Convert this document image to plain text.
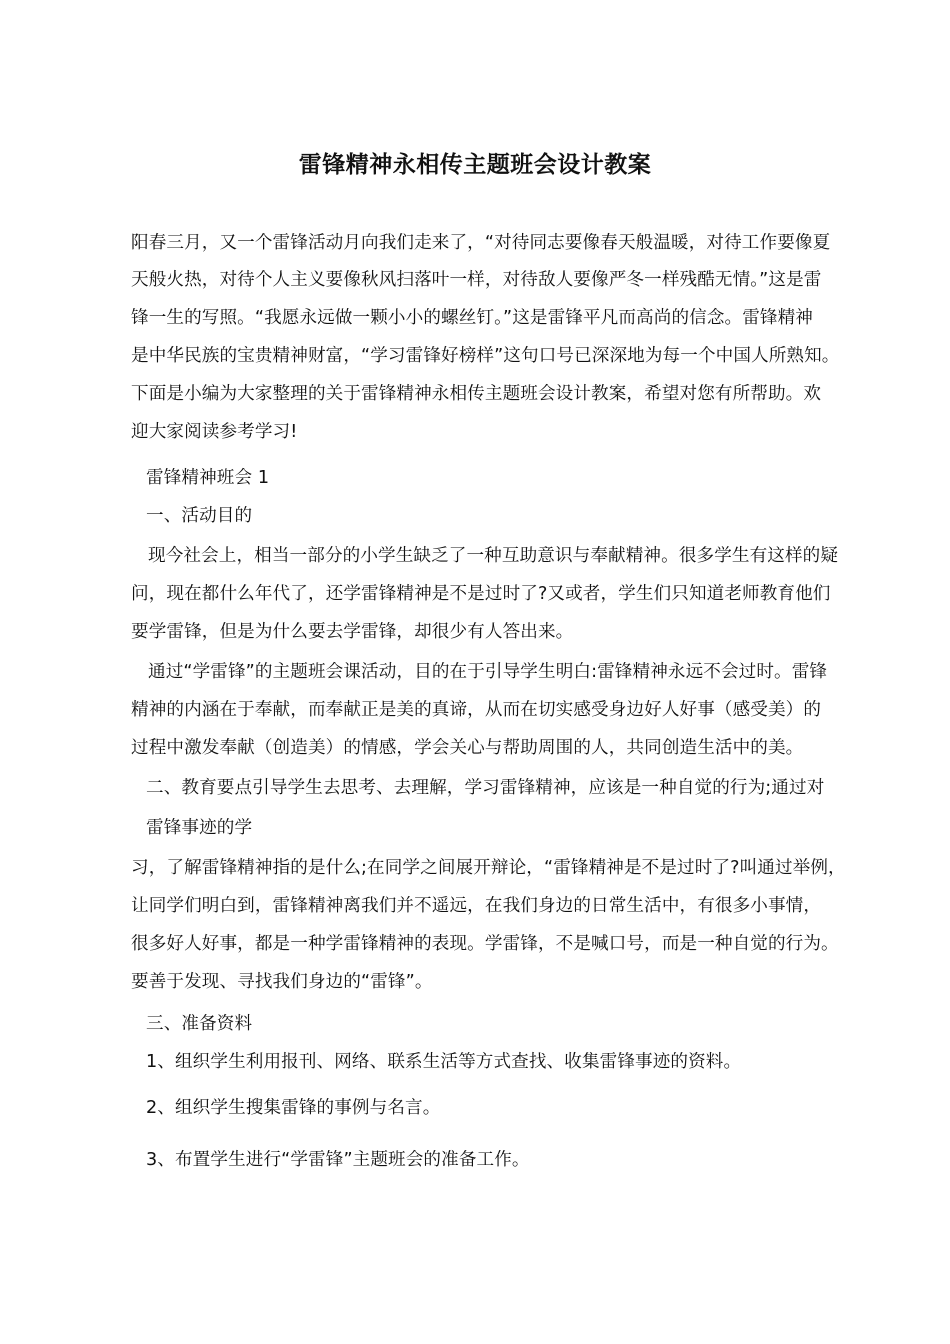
雷锋精神永相传主题班会设计教案
阳春三月，又一个雷锋活动月向我们走来了，“对待同志要像春天般温暖，对待工作要像夏
天般火热，对待个人主义要像秋风扫落叶一样，对待敌人要像严冬一样残酷无情。”这是雷
锋一生的写照。“我愿永远做一颗小小的螺丝钉。”这是雷锋平凡而高尚的信念。雷锋精神
是中华民族的宝贵精神财富，“学习雷锋好榜样”这句口号已深深地为每一个中国人所熟知。
下面是小编为大家整理的关于雷锋精神永相传主题班会设计教案，希望对您有所帮助。欢
迎大家阅读参考学习!
雷锋精神班会 1
一、活动目的
现今社会上，相当一部分的小学生缺乏了一种互助意识与奉献精神。很多学生有这样的疑
问，现在都什么年代了，还学雷锋精神是不是过时了?又或者，学生们只知道老师教育他们
要学雷锋，但是为什么要去学雷锋，却很少有人答出来。
通过“学雷锋”的主题班会课活动，目的在于引导学生明白:雷锋精神永远不会过时。雷锋
精神的内涵在于奉献，而奉献正是美的真谛，从而在切实感受身边好人好事（感受美）的
过程中激发奉献（创造美）的情感，学会关心与帮助周围的人，共同创造生活中的美。
二、教育要点引导学生去思考、去理解，学习雷锋精神，应该是一种自觉的行为;通过对
雷锋事迹的学
习，了解雷锋精神指的是什么;在同学之间展开辩论，“雷锋精神是不是过时了?叫通过举例，
让同学们明白到，雷锋精神离我们并不遥远，在我们身边的日常生活中，有很多小事情，
很多好人好事，都是一种学雷锋精神的表现。学雷锋，不是喊口号，而是一种自觉的行为。
要善于发现、寻找我们身边的“雷锋”。
三、准备资料
1、组织学生利用报刊、网络、联系生活等方式查找、收集雷锋事迹的资料。
2、组织学生搜集雷锋的事例与名言。
3、布置学生进行“学雷锋”主题班会的准备工作。
